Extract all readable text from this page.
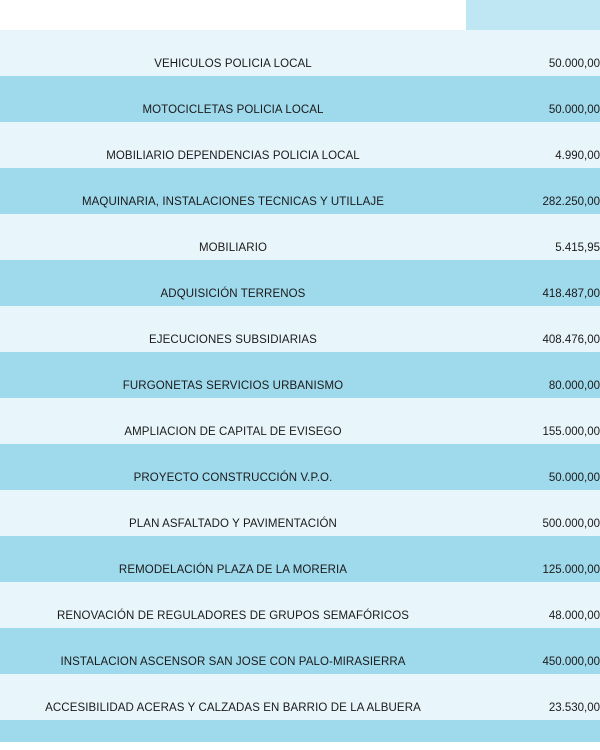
VEHICULOS POLICIA LOCAL	50.000,00

MOTOCICLETAS POLICIA LOCAL	50.000,00

MOBILIARIO DEPENDENCIAS POLICIA LOCAL	4.990,00

MAQUINARIA, INSTALACIONES TECNICAS Y UTILLAJE	282.250,00

MOBILIARIO	5.415,95

ADQUISICIÓN TERRENOS	418.487,00

EJECUCIONES SUBSIDIARIAS	408.476,00

FURGONETAS SERVICIOS URBANISMO	80.000,00

AMPLIACION DE CAPITAL DE EVISEGO	155.000,00

PROYECTO CONSTRUCCIÓN V.P.O.	50.000,00

PLAN ASFALTADO Y PAVIMENTACIÓN	500.000,00

REMODELACIÓN PLAZA DE LA MORERIA	125.000,00

RENOVACIÓN DE REGULADORES DE GRUPOS SEMAFÓRICOS	48.000,00

INSTALACION ASCENSOR SAN JOSE CON PALO-MIRASIERRA	450.000,00

ACCESIBILIDAD ACERAS Y CALZADAS EN BARRIO DE LA ALBUERA	23.530,00
